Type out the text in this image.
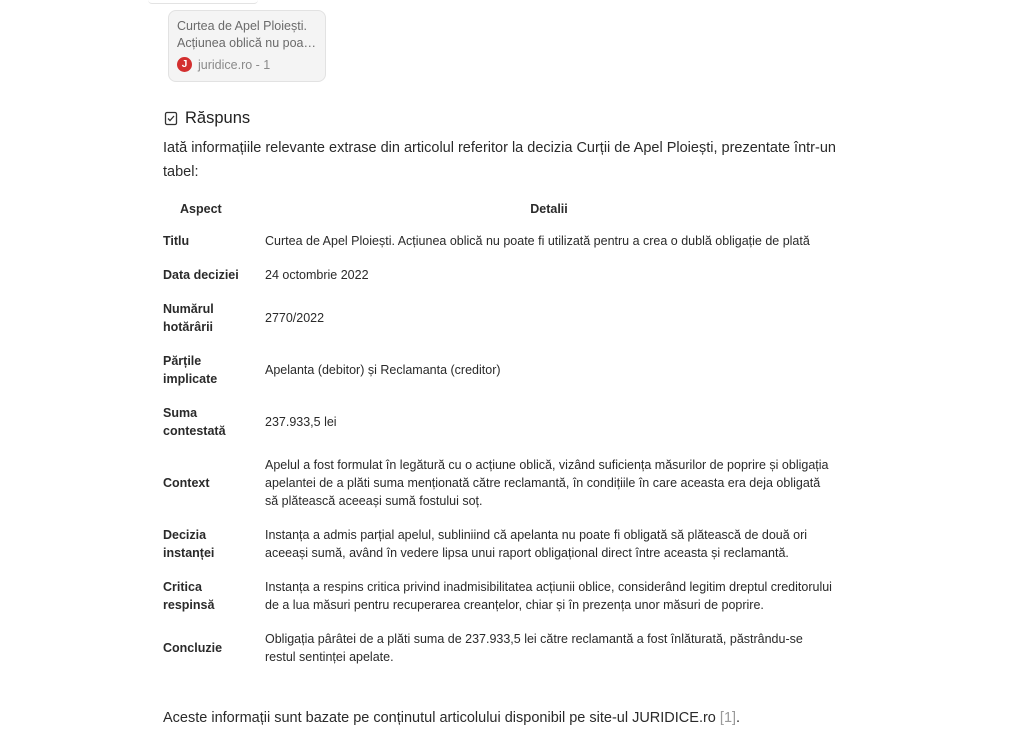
Curtea de Apel Ploiești. Acțiunea oblică nu poate
J juridice.ro - 1
Răspuns
Iată informațiile relevante extrase din articolul referitor la decizia Curții de Apel Ploiești, prezentate într-un tabel:
Aspect	Detalii
Titlu	Curtea de Apel Ploiești. Acțiunea oblică nu poate fi utilizată pentru a crea o dublă obligație de plată
Data deciziei	24 octombrie 2022
Numărul hotărârii	2770/2022
Părțile implicate	Apelanta (debitor) și Reclamanta (creditor)
Suma contestată	237.933,5 lei
Context	Apelul a fost formulat în legătură cu o acțiune oblică, vizând suficiența măsurilor de poprire și obligația apelantei de a plăti suma menționată către reclamantă, în condițiile în care aceasta era deja obligată să plătească aceeași sumă fostului soț.
Decizia instanței	Instanța a admis parțial apelul, subliniind că apelanta nu poate fi obligată să plătească de două ori aceeași sumă, având în vedere lipsa unui raport obligațional direct între aceasta și reclamantă.
Critica respinsă	Instanța a respins critica privind inadmisibilitatea acțiunii oblice, considerând legitim dreptul creditorului de a lua măsuri pentru recuperarea creanțelor, chiar și în prezența unor măsuri de poprire.
Concluzie	Obligația pârâtei de a plăti suma de 237.933,5 lei către reclamantă a fost înlăturată, păstrându-se restul sentinței apelate.
Aceste informații sunt bazate pe conținutul articolului disponibil pe site-ul JURIDICE.ro [1].
